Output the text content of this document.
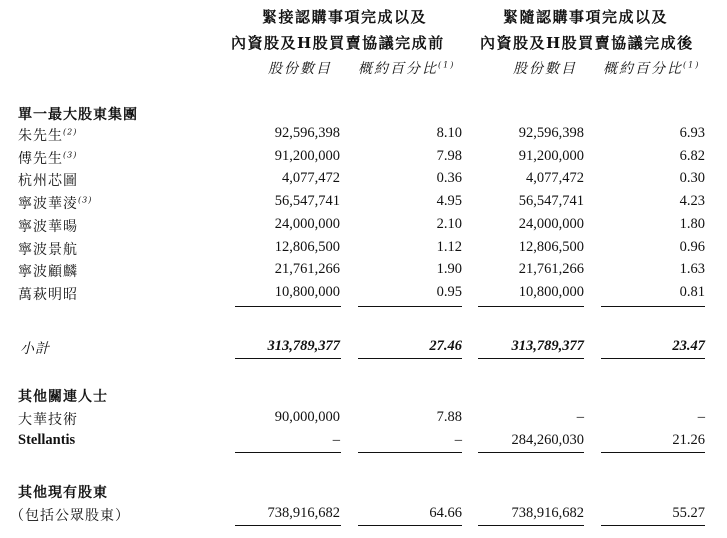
緊接認購事項完成以及
內資股及H股買賣協議完成前
緊隨認購事項完成以及
內資股及H股買賣協議完成後
股份數目 概約百分比$^{(1)}$	股份數目 概約百分比$^{(1)}$
單一最大股東集團
朱先生$^{(2)}$	92,596,398	8.10	92,596,398	6.93
傅先生$^{(3)}$	91,200,000	7.98	91,200,000	6.82
杭州芯圖	4,077,472	0.36	4,077,472	0.30
寧波華淩$^{(3)}$	56,547,741	4.95	56,547,741	4.23
寧波華暘	24,000,000	2.10	24,000,000	1.80
寧波景航	12,806,500	1.12	12,806,500	0.96
寧波顧麟	21,761,266	1.90	21,761,266	1.63
萬萩明昭	10,800,000	0.95	10,800,000	0.81
小計	313,789,377	27.46	313,789,377	23.47
其他關連人士
大華技術	90,000,000	7.88	–	–
Stellantis	–	–	284,260,030	21.26
其他現有股東
（包括公眾股東）	738,916,682	64.66	738,916,682	55.27
